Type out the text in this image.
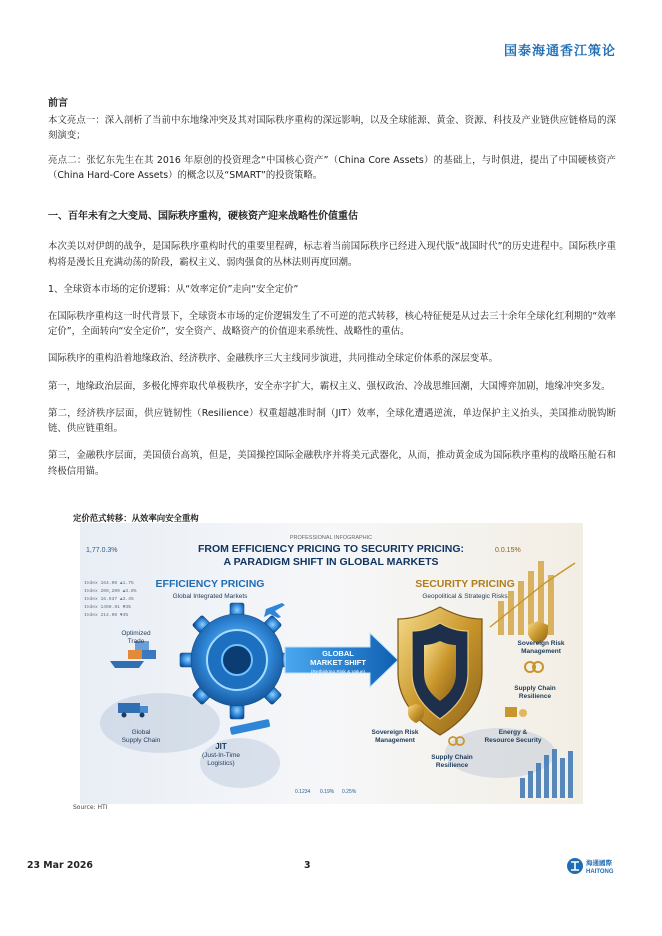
国泰海通香江策论
前言
本文亮点一：深入剖析了当前中东地缘冲突及其对国际秩序重构的深远影响，以及全球能源、黄金、资源、科技及产业链供应链格局的深刻演变；
亮点二：张忆东先生在其 2016 年原创的投资理念“中国核心资产”（China Core Assets）的基础上，与时俱进，提出了中国硬核资产（China Hard-Core Assets）的概念以及“SMART”的投资策略。
一、百年未有之大变局、国际秩序重构，硬核资产迎来战略性价值重估
本次美以对伊朗的战争，是国际秩序重构时代的重要里程碑，标志着当前国际秩序已经进入现代版“战国时代”的历史进程中。国际秩序重构将是漫长且充满动荡的阶段，霸权主义、弱肉强食的丛林法则再度回潮。
1、全球资本市场的定价逻辑：从“效率定价”走向“安全定价”
在国际秩序重构这一时代背景下，全球资本市场的定价逻辑发生了不可逆的范式转移，核心特征便是从过去三十余年全球化红利期的“效率定价”，全面转向“安全定价”，安全资产、战略资产的价值迎来系统性、战略性的重估。
国际秩序的重构沿着地缘政治、经济秩序、金融秩序三大主线同步演进，共同推动全球定价体系的深层变革。
第一，地缘政治层面，多极化博弈取代单极秩序，安全赤字扩大，霸权主义、强权政治、冷战思维回潮，大国博弈加剧，地缘冲突多发。
第二，经济秩序层面，供应链韧性（Resilience）权重超越准时制（JIT）效率，全球化遭遇逆流，单边保护主义抬头，美国推动脱钩断链、供应链重组。
第三，金融秩序层面，美国债台高筑，但是，美国操控国际金融秩序并将美元武器化，从而，推动黄金成为国际秩序重构的战略压舱石和终极信用锚。
定价范式转移：从效率向安全重构
PROFESSIONAL INFOGRAPHIC
FROM EFFICIENCY PRICING TO SECURITY PRICING:
A PARADIGM SHIFT IN GLOBAL MARKETS
1,77.0.3%	0.0.15%
Index 164.00 ▲1.7%
Index 200,200 ▲3.8%
Index 16.937 ▲3.4%
Index 1490.91 ▼3%
Index 214.00 ▼4%
EFFICIENCY PRICING
Global Integrated Markets
Optimized
Trade
Global
Supply Chain
JIT
(Just-In-Time
Logistics)
GLOBAL
MARKET SHIFT
(Rethinking Risk & Value)
SECURITY PRICING
Geopolitical & Strategic Risks
Sovereign Risk
Management
Supply Chain
Resilience
Sovereign Risk
Management
Energy &
Resource Security
Supply Chain
Resilience
0.1234 0.19% 0.25%
Source: HTI
23 Mar 2026	3	海通國際
HAITONG
